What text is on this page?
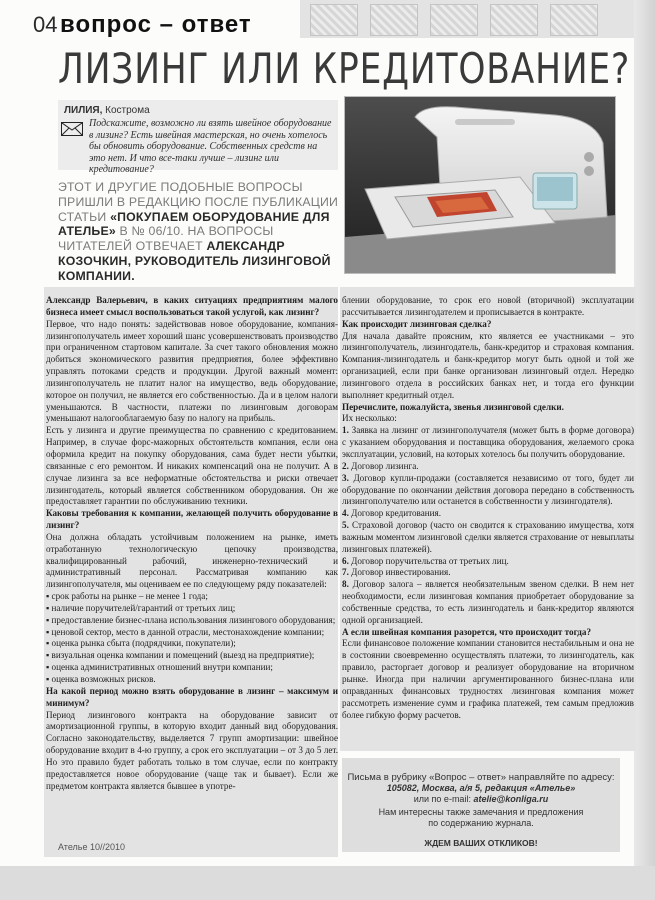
04 вопрос – ответ
ЛИЗИНГ ИЛИ КРЕДИТОВАНИЕ?
ЛИЛИЯ, Кострома
Подскажите, возможно ли взять швейное оборудование в лизинг? Есть швейная мастерская, но очень хотелось бы обновить оборудование. Собственных средств на это нет. И что все-таки лучше – лизинг или кредитование?
ЭТОТ И ДРУГИЕ ПОДОБНЫЕ ВОПРОСЫ ПРИШЛИ В РЕДАКЦИЮ ПОСЛЕ ПУБЛИКАЦИИ СТАТЬИ «ПОКУПАЕМ ОБОРУДОВАНИЕ ДЛЯ АТЕЛЬЕ» В № 06/10. НА ВОПРОСЫ ЧИТАТЕЛЕЙ ОТВЕЧАЕТ АЛЕКСАНДР КОЗОЧКИН, РУКОВОДИТЕЛЬ ЛИЗИНГОВОЙ КОМПАНИИ.

Александр Валерьевич, в каких ситуациях предприятиям малого бизнеса имеет смысл воспользоваться такой услугой, как лизинг?

Первое, что надо понять: задействовав новое оборудование, компания-лизингополучатель имеет хороший шанс усовершенствовать производство при ограниченном стартовом капитале. За счет такого обновления можно добиться экономического развития предприятия, более эффективно управлять потоками средств и продукции. Другой важный момент: лизингополучатель не платит налог на имущество, ведь оборудование, которое он получил, не является его собственностью. Да и в целом налоги уменьшаются. В частности, платежи по лизинговым договорам уменьшают налогооблагаемую базу по налогу на прибыль.

Есть у лизинга и другие преимущества по сравнению с кредитованием. Например, в случае форс-мажорных обстоятельств компания, если она оформила кредит на покупку оборудования, сама будет нести убытки, связанные с его ремонтом. И никаких компенсаций она не получит. А в случае лизинга за все неформатные обстоятельства и риски отвечает лизингодатель, который является собственником оборудования. Он же предоставляет гарантии по обслуживанию техники.

Каковы требования к компании, желающей получить оборудование в лизинг?

Она должна обладать устойчивым положением на рынке, иметь отработанную технологическую цепочку производства, квалифицированный рабочий, инженерно-технический и административный персонал. Рассматривая компанию как лизингополучателя, мы оцениваем ее по следующему ряду показателей:

▪ срок работы на рынке – не менее 1 года;

▪ наличие поручителей/гарантий от третьих лиц;

▪ предоставление бизнес-плана использования лизингового оборудования;

▪ ценовой сектор, место в данной отрасли, местонахождение компании;

▪ оценка рынка сбыта (подрядчики, покупатели);

▪ визуальная оценка компании и помещений (выезд на предприятие);

▪ оценка административных отношений внутри компании;

▪ оценка возможных рисков.

На какой период можно взять оборудование в лизинг – максимум и минимум?

Период лизингового контракта на оборудование зависит от амортизационной группы, в которую входит данный вид оборудования. Согласно законодательству, выделяется 7 групп амортизации: швейное оборудование входит в 4-ю группу, а срок его эксплуатации – от 3 до 5 лет. Но это правило будет работать только в том случае, если по контракту предоставляется новое оборудование (чаще так и бывает). Если же предметом контракта является бывшее в употре-

блении оборудование, то срок его новой (вторичной) эксплуатации рассчитывается лизингодателем и прописывается в контракте.

Как происходит лизинговая сделка?

Для начала давайте проясним, кто является ее участниками – это лизингополучатель, лизингодатель, банк-кредитор и страховая компания. Компания-лизингодатель и банк-кредитор могут быть одной и той же организацией, если при банке организован лизинговый отдел. Нередко лизингового отдела в российских банках нет, и тогда его функции выполняет кредитный отдел.

Перечислите, пожалуйста, звенья лизинговой сделки.

Их несколько:

1. Заявка на лизинг от лизингополучателя (может быть в форме договора) с указанием оборудования и поставщика оборудования, желаемого срока эксплуатации, условий, на которых хотелось бы получить оборудование.

2. Договор лизинга.

3. Договор купли-продажи (составляется независимо от того, будет ли оборудование по окончании действия договора передано в собственность лизингополучателю или останется в собственности у лизингодателя).

4. Договор кредитования.

5. Страховой договор (часто он сводится к страхованию имущества, хотя важным моментом лизинговой сделки является страхование от невыплаты лизинговых платежей).

6. Договор поручительства от третьих лиц.

7. Договор инвестирования.

8. Договор залога – является необязательным звеном сделки. В нем нет необходимости, если лизинговая компания приобретает оборудование за собственные средства, то есть лизингодатель и банк-кредитор являются одной организацией.

А если швейная компания разорется, что происходит тогда?

Если финансовое положение компании становится нестабильным и она не в состоянии своевременно осуществлять платежи, то лизингодатель, как правило, расторгает договор и реализует оборудование на вторичном рынке. Иногда при наличии аргументированного бизнес-плана или оправданных финансовых трудностях лизинговая компания может рассмотреть изменение сумм и графика платежей, тем самым предложив более гибкую форму расчетов.

Письма в рубрику «Вопрос – ответ» направляйте по адресу:
105082, Москва, а/я 5, редакция «Ателье»
или по e-mail: atelie@konliga.ru
Нам интересны также замечания и предложения
по содержанию журнала.
ЖДЕМ ВАШИХ ОТКЛИКОВ!
Ателье 10//2010
